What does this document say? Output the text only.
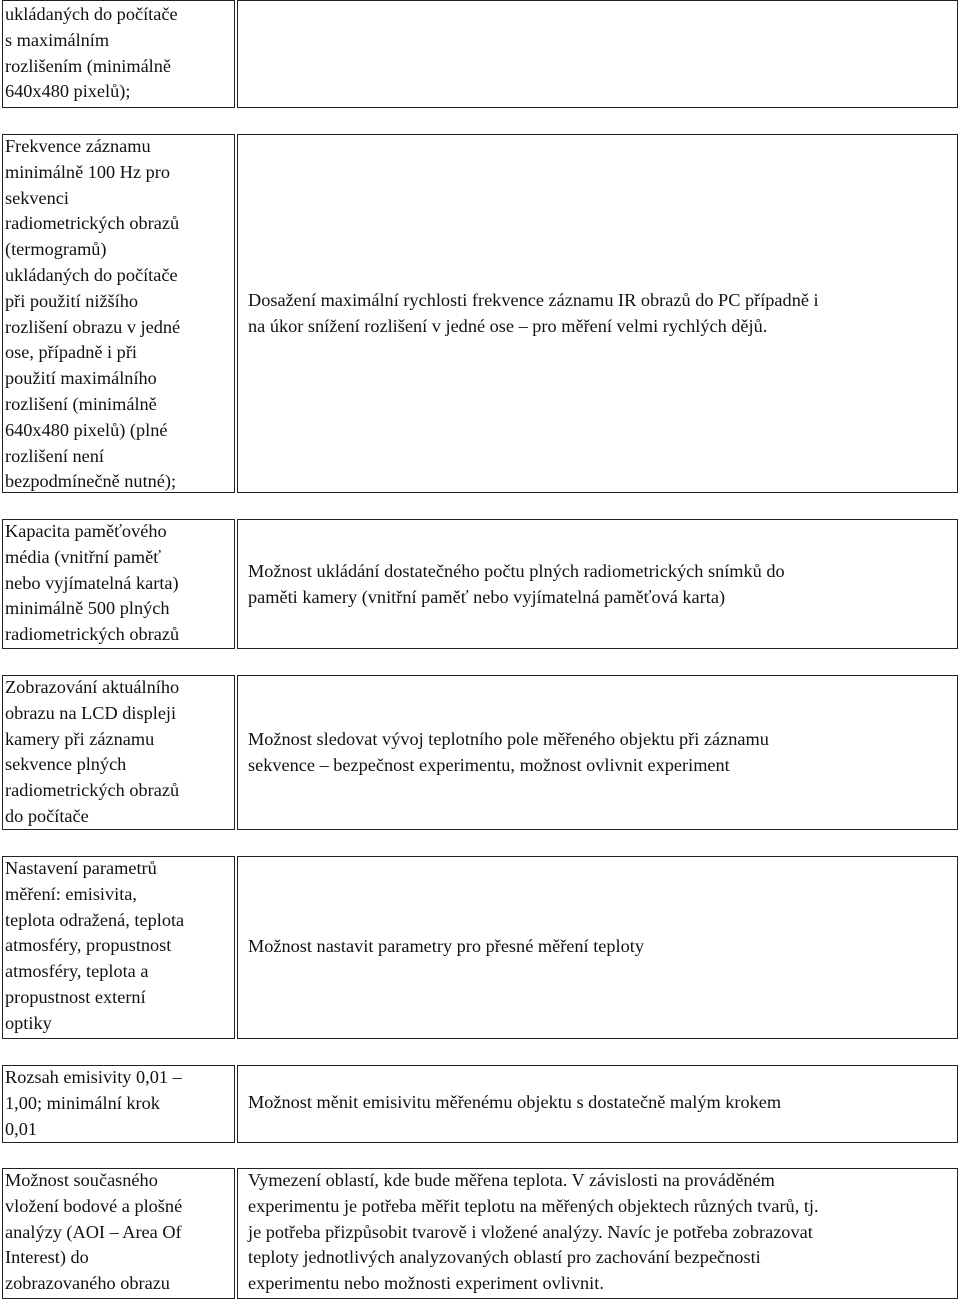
ukládaných do počítače
s maximálním
rozlišením (minimálně
640x480 pixelů);
Frekvence záznamu
minimálně 100 Hz pro
sekvenci
radiometrických obrazů
(termogramů)
ukládaných do počítače
při použití nižšího
rozlišení obrazu v jedné
ose, případně i při
použití maximálního
rozlišení (minimálně
640x480 pixelů) (plné
rozlišení není
bezpodmínečně nutné);
Dosažení maximální rychlosti frekvence záznamu IR obrazů do PC případně i
na úkor snížení rozlišení v jedné ose – pro měření velmi rychlých dějů.
Kapacita paměťového
média (vnitřní paměť
nebo vyjímatelná karta)
minimálně 500 plných
radiometrických obrazů
Možnost ukládání dostatečného počtu plných radiometrických snímků do
paměti kamery (vnitřní paměť nebo vyjímatelná paměťová karta)
Zobrazování aktuálního
obrazu na LCD displeji
kamery při záznamu
sekvence plných
radiometrických obrazů
do počítače
Možnost sledovat vývoj teplotního pole měřeného objektu při záznamu
sekvence – bezpečnost experimentu, možnost ovlivnit experiment
Nastavení parametrů
měření: emisivita,
teplota odražená, teplota
atmosféry, propustnost
atmosféry, teplota a
propustnost externí
optiky
Možnost nastavit parametry pro přesné měření teploty
Rozsah emisivity 0,01 –
1,00; minimální krok
0,01
Možnost měnit emisivitu měřenému objektu s dostatečně malým krokem
Možnost současného
vložení bodové a plošné
analýzy (AOI – Area Of
Interest) do
zobrazovaného obrazu
Vymezení oblastí, kde bude měřena teplota. V závislosti na prováděném
experimentu je potřeba měřit teplotu na měřených objektech různých tvarů, tj.
je potřeba přizpůsobit tvarově i vložené analýzy. Navíc je potřeba zobrazovat
teploty jednotlivých analyzovaných oblastí pro zachování bezpečnosti
experimentu nebo možnosti experiment ovlivnit.
